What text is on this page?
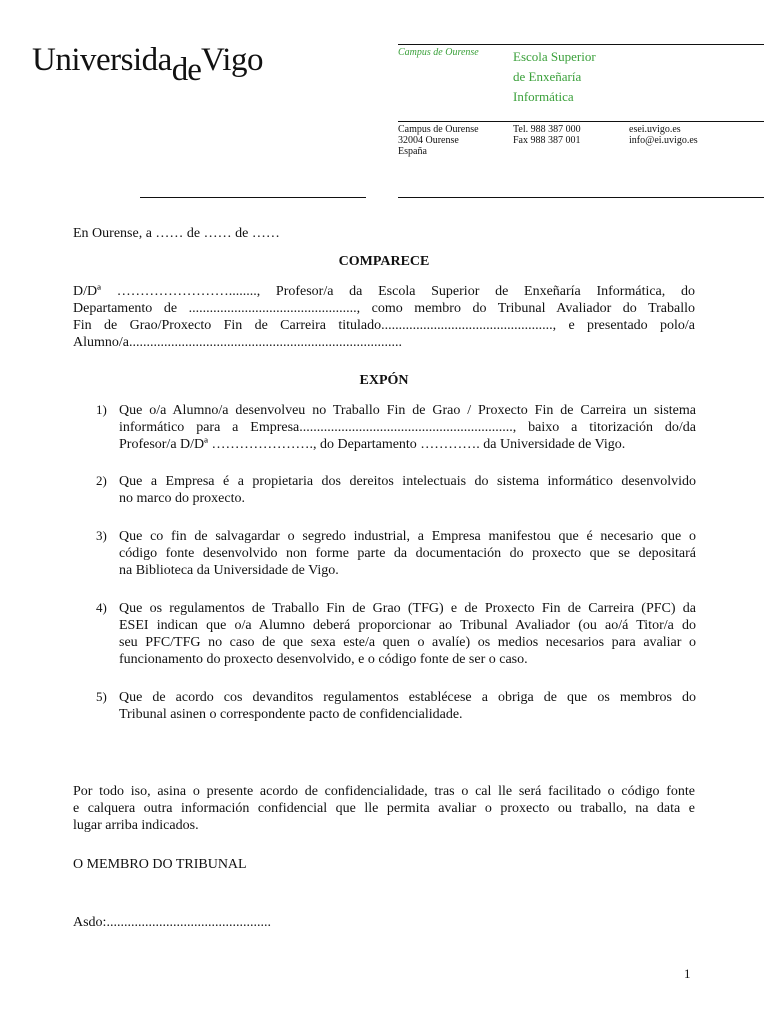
UniversidadeVigo	Campus de Ourense	Escola Superior
de Enxeñaría
Informática
Campus de Ourense
32004 Ourense
España
Tel. 988 387 000
Fax 988 387 001
esei.uvigo.es
info@ei.uvigo.es
En Ourense, a …… de …… de ……
COMPARECE
D/Dª ……………………........, Profesor/a da Escola Superior de Enxeñaría Informática, do
Departamento de ................................................, como membro do Tribunal Avaliador do Traballo
Fin de Grao/Proxecto Fin de Carreira titulado................................................., e presentado polo/a
Alumno/a..............................................................................
EXPÓN
1) Que o/a Alumno/a desenvolveu no Traballo Fin de Grao / Proxecto Fin de Carreira un sistema
informático para a Empresa............................................................., baixo a titorización do/da
Profesor/a D/Dª …………………., do Departamento …………. da Universidade de Vigo.
2) Que a Empresa é a propietaria dos dereitos intelectuais do sistema informático desenvolvido
no marco do proxecto.
3) Que co fin de salvagardar o segredo industrial, a Empresa manifestou que é necesario que o
código fonte desenvolvido non forme parte da documentación do proxecto que se depositará
na Biblioteca da Universidade de Vigo.
4) Que os regulamentos de Traballo Fin de Grao (TFG) e de Proxecto Fin de Carreira (PFC) da
ESEI indican que o/a Alumno deberá proporcionar ao Tribunal Avaliador (ou ao/á Titor/a do
seu PFC/TFG no caso de que sexa este/a quen o avalíe) os medios necesarios para avaliar o
funcionamento do proxecto desenvolvido, e o código fonte de ser o caso.
5) Que de acordo cos devanditos regulamentos establécese a obriga de que os membros do
Tribunal asinen o correspondente pacto de confidencialidade.
Por todo iso, asina o presente acordo de confidencialidade, tras o cal lle será facilitado o código fonte
e calquera outra información confidencial que lle permita avaliar o proxecto ou traballo, na data e
lugar arriba indicados.
O MEMBRO DO TRIBUNAL
Asdo:...............................................
1
